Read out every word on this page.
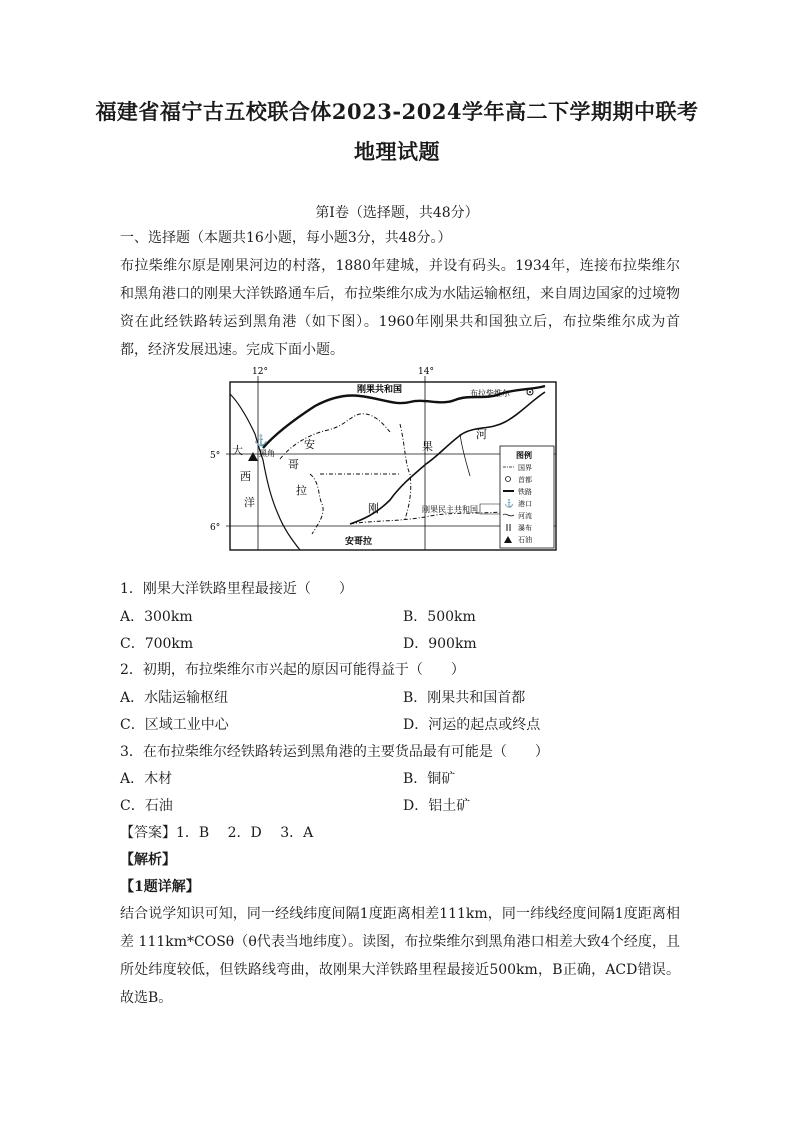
福建省福宁古五校联合体2023-2024学年高二下学期期中联考
地理试题
第Ⅰ卷（选择题，共48分）
一、选择题（本题共16小题，每小题3分，共48分。）
布拉柴维尔原是刚果河边的村落，1880年建城，并设有码头。1934年，连接布拉柴维尔和黑角港口的刚果大洋铁路通车后，布拉柴维尔成为水陆运输枢纽，来自周边国家的过境物资在此经铁路转运到黑角港（如下图）。1960年刚果共和国独立后，布拉柴维尔成为首都，经济发展迅速。完成下面小题。
⚓
12°	14°
5°
6°
刚果共和国	布拉柴维尔
黑角
大
西
洋
安
哥
拉
刚
果
河
刚果民主共和国
安哥拉
图例
国界
首都
铁路
⚓ 港口
河流
瀑布
石油
1．刚果大洋铁路里程最接近（　　）
A．300km	B．500km
C．700km	D．900km
2．初期，布拉柴维尔市兴起的原因可能得益于（　　）
A．水陆运输枢纽	B．刚果共和国首都
C．区域工业中心	D．河运的起点或终点
3．在布拉柴维尔经铁路转运到黑角港的主要货品最有可能是（　　）
A．木材	B．铜矿
C．石油	D．铝土矿
【答案】1．B　 2．D　 3．A
【解析】
【1题详解】
结合说学知识可知，同一经线纬度间隔1度距离相差111km，同一纬线经度间隔1度距离相差 111km*COSθ（θ代表当地纬度）。读图，布拉柴维尔到黑角港口相差大致4个经度，且所处纬度较低，但铁路线弯曲，故刚果大洋铁路里程最接近500km，B正确，ACD错误。故选B。
